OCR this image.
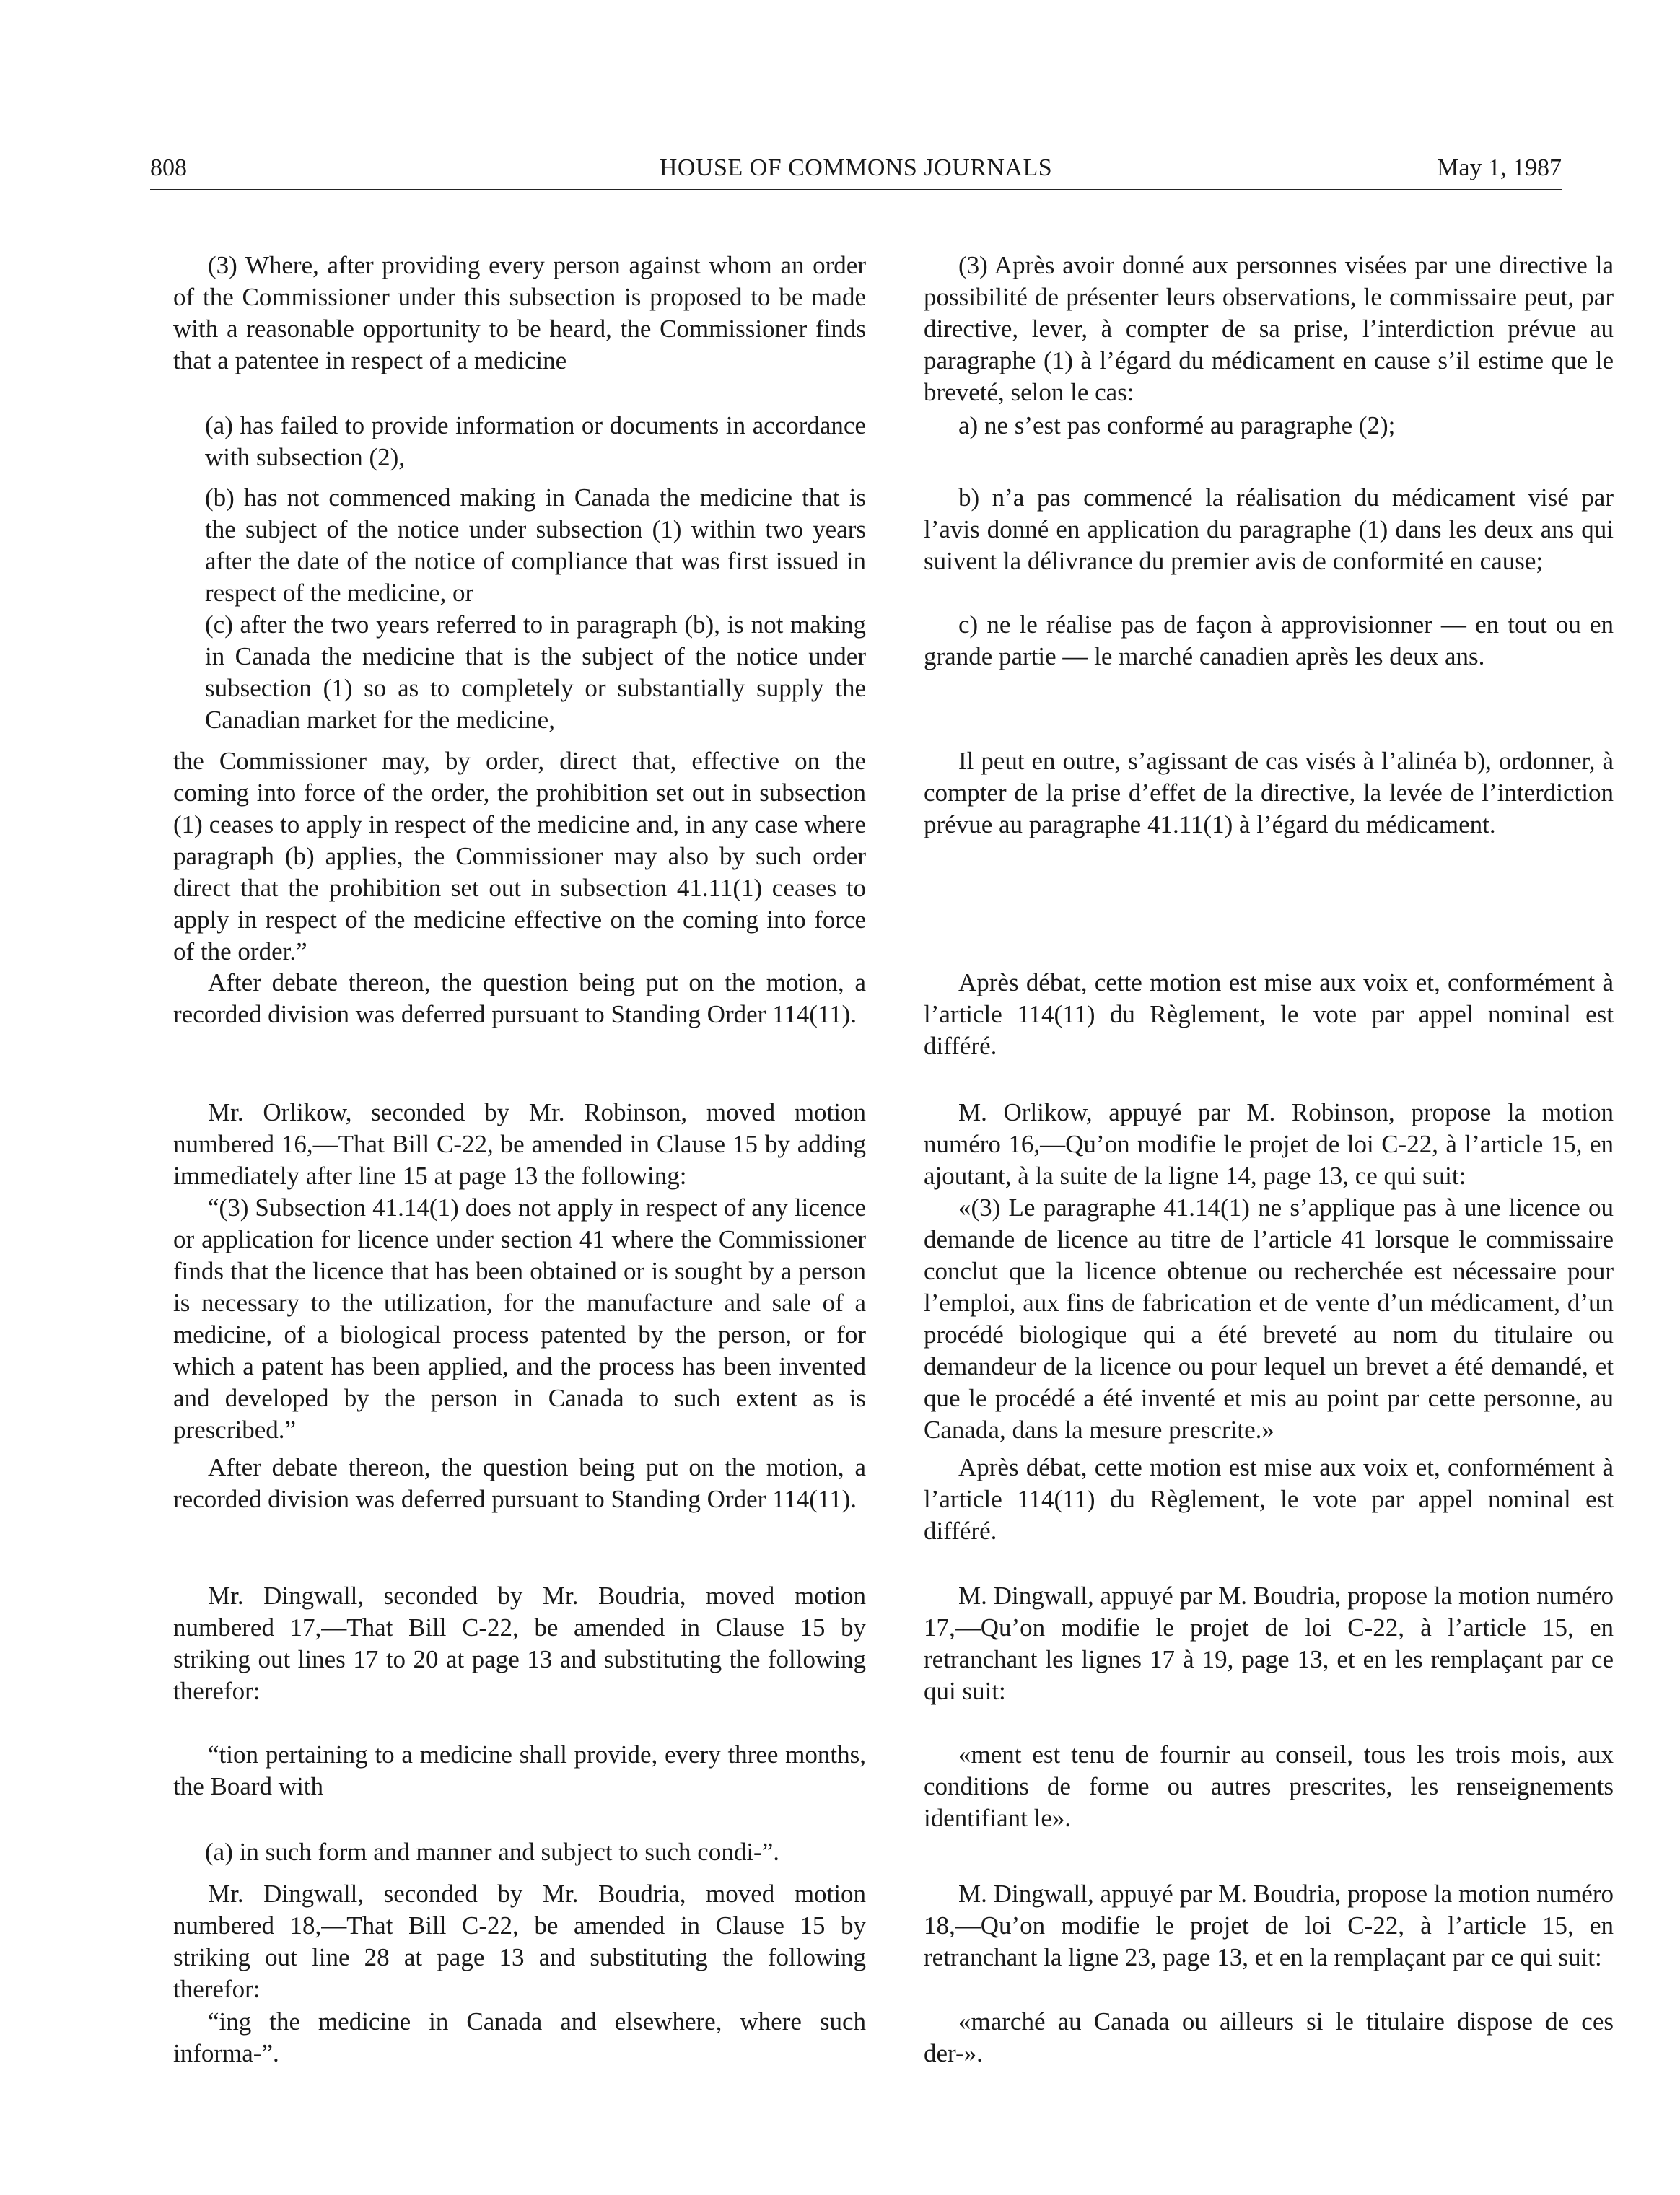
808	HOUSE OF COMMONS JOURNALS	May 1, 1987

(3) Where, after providing every person against whom an order of the Commissioner under this subsection is proposed to be made with a reasonable opportunity to be heard, the Commissioner finds that a patentee in respect of a medicine

(a) has failed to provide information or documents in accordance with subsection (2),

(b) has not commenced making in Canada the medicine that is the subject of the notice under subsection (1) within two years after the date of the notice of compliance that was first issued in respect of the medicine, or

(c) after the two years referred to in paragraph (b), is not making in Canada the medicine that is the subject of the notice under subsection (1) so as to completely or substantially supply the Canadian market for the medicine,

the Commissioner may, by order, direct that, effective on the coming into force of the order, the prohibition set out in subsection (1) ceases to apply in respect of the medicine and, in any case where paragraph (b) applies, the Commissioner may also by such order direct that the prohibition set out in subsection 41.11(1) ceases to apply in respect of the medicine effective on the coming into force of the order.”

After debate thereon, the question being put on the motion, a recorded division was deferred pursuant to Standing Order 114(11).

Mr. Orlikow, seconded by Mr. Robinson, moved motion numbered 16,—That Bill C-22, be amended in Clause 15 by adding immediately after line 15 at page 13 the following:

“(3) Subsection 41.14(1) does not apply in respect of any licence or application for licence under section 41 where the Commissioner finds that the licence that has been obtained or is sought by a person is necessary to the utilization, for the manufacture and sale of a medicine, of a biological process patented by the person, or for which a patent has been applied, and the process has been invented and developed by the person in Canada to such extent as is prescribed.”

After debate thereon, the question being put on the motion, a recorded division was deferred pursuant to Standing Order 114(11).

Mr. Dingwall, seconded by Mr. Boudria, moved motion numbered 17,—That Bill C-22, be amended in Clause 15 by striking out lines 17 to 20 at page 13 and substituting the following therefor:

“tion pertaining to a medicine shall provide, every three months, the Board with

(a) in such form and manner and subject to such condi-”.

Mr. Dingwall, seconded by Mr. Boudria, moved motion numbered 18,—That Bill C-22, be amended in Clause 15 by striking out line 28 at page 13 and substituting the following therefor:

“ing the medicine in Canada and elsewhere, where such informa-”.

(3) Après avoir donné aux personnes visées par une directive la possibilité de présenter leurs observations, le commissaire peut, par directive, lever, à compter de sa prise, l’interdiction prévue au paragraphe (1) à l’égard du médicament en cause s’il estime que le breveté, selon le cas:

a) ne s’est pas conformé au paragraphe (2);

b) n’a pas commencé la réalisation du médicament visé par l’avis donné en application du paragraphe (1) dans les deux ans qui suivent la délivrance du premier avis de conformité en cause;

c) ne le réalise pas de façon à approvisionner — en tout ou en grande partie — le marché canadien après les deux ans.

Il peut en outre, s’agissant de cas visés à l’alinéa b), ordonner, à compter de la prise d’effet de la directive, la levée de l’interdiction prévue au paragraphe 41.11(1) à l’égard du médicament.

Après débat, cette motion est mise aux voix et, conformément à l’article 114(11) du Règlement, le vote par appel nominal est différé.

M. Orlikow, appuyé par M. Robinson, propose la motion numéro 16,—Qu’on modifie le projet de loi C-22, à l’article 15, en ajoutant, à la suite de la ligne 14, page 13, ce qui suit:

«(3) Le paragraphe 41.14(1) ne s’applique pas à une licence ou demande de licence au titre de l’article 41 lorsque le commissaire conclut que la licence obtenue ou recherchée est nécessaire pour l’emploi, aux fins de fabrication et de vente d’un médicament, d’un procédé biologique qui a été breveté au nom du titulaire ou demandeur de la licence ou pour lequel un brevet a été demandé, et que le procédé a été inventé et mis au point par cette personne, au Canada, dans la mesure prescrite.»

Après débat, cette motion est mise aux voix et, conformément à l’article 114(11) du Règlement, le vote par appel nominal est différé.

M. Dingwall, appuyé par M. Boudria, propose la motion numéro 17,—Qu’on modifie le projet de loi C-22, à l’article 15, en retranchant les lignes 17 à 19, page 13, et en les remplaçant par ce qui suit:

«ment est tenu de fournir au conseil, tous les trois mois, aux conditions de forme ou autres prescrites, les renseignements identifiant le».

M. Dingwall, appuyé par M. Boudria, propose la motion numéro 18,—Qu’on modifie le projet de loi C-22, à l’article 15, en retranchant la ligne 23, page 13, et en la remplaçant par ce qui suit:

«marché au Canada ou ailleurs si le titulaire dispose de ces der-».
